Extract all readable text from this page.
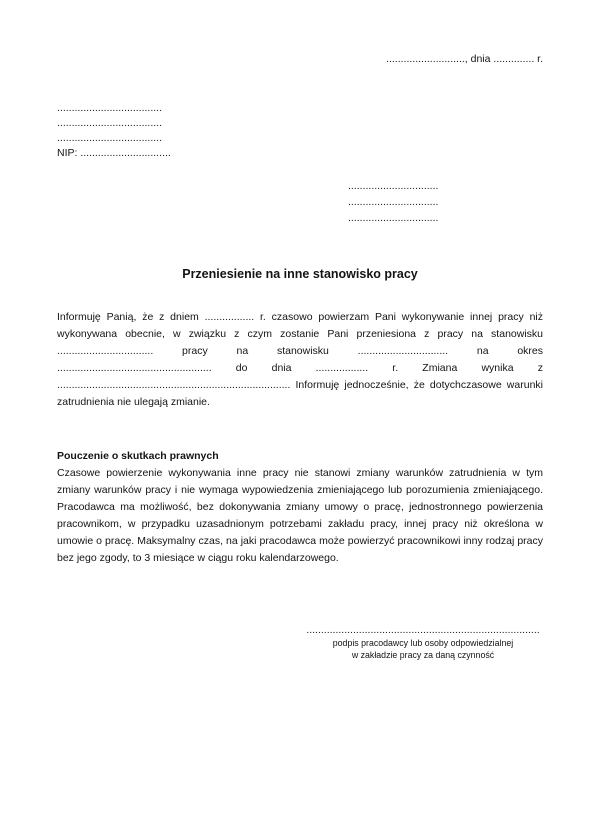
..........................., dnia .............. r.
....................................
....................................
....................................
NIP: ...............................
...............................
...............................
...............................
Przeniesienie na inne stanowisko pracy
Informuję Panią, że z dniem ................. r. czasowo powierzam Pani wykonywanie innej pracy niż wykonywana obecnie, w związku z czym zostanie Pani przeniesiona z pracy na stanowisku ................................. pracy na stanowisku ............................... na okres ..................................................... do dnia .................. r. Zmiana wynika z ................................................................................ Informuję jednocześnie, że dotychczasowe warunki zatrudnienia nie ulegają zmianie.
Pouczenie o skutkach prawnych
Czasowe powierzenie wykonywania inne pracy nie stanowi zmiany warunków zatrudnienia w tym zmiany warunków pracy i nie wymaga wypowiedzenia zmieniającego lub porozumienia zmieniającego. Pracodawca ma możliwość, bez dokonywania zmiany umowy o pracę, jednostronnego powierzenia pracownikom, w przypadku uzasadnionym potrzebami zakładu pracy, innej pracy niż określona w umowie o pracę. Maksymalny czas, na jaki pracodawca może powierzyć pracownikowi inny rodzaj pracy bez jego zgody, to 3 miesiące w ciągu roku kalendarzowego.
................................................................................
podpis pracodawcy lub osoby odpowiedzialnej
w zakładzie pracy za daną czynność
